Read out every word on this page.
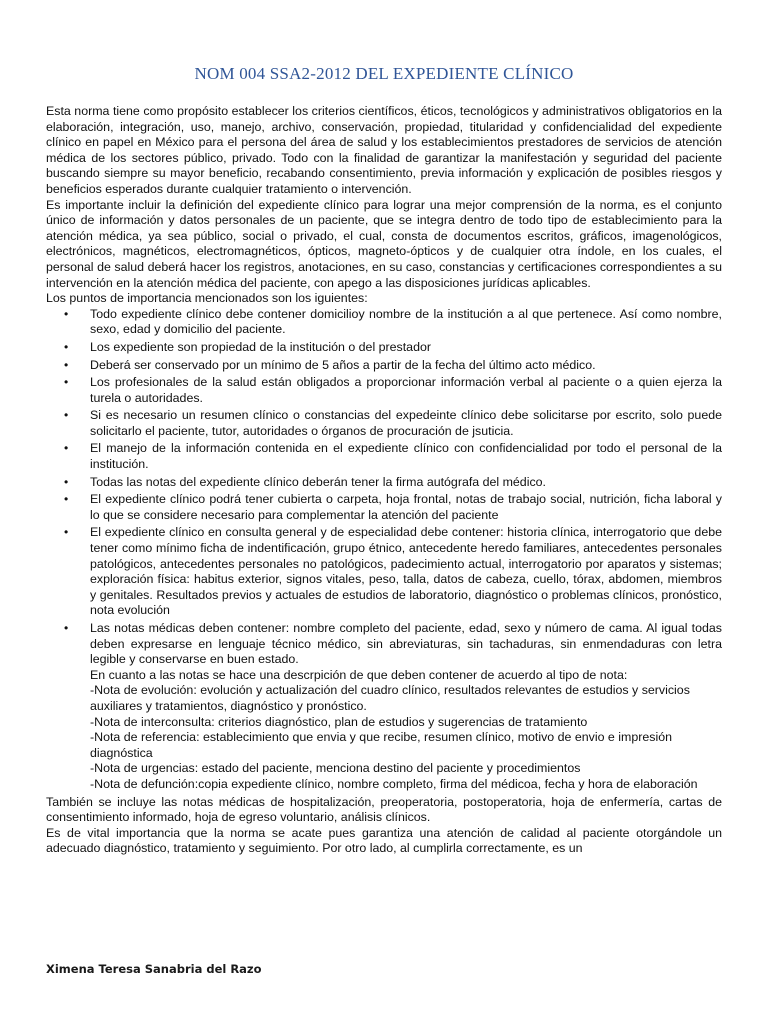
NOM 004 SSA2-2012 DEL EXPEDIENTE CLÍNICO

Esta norma tiene como propósito establecer los criterios científicos, éticos, tecnológicos y administrativos obligatorios en la elaboración, integración, uso, manejo, archivo, conservación, propiedad, titularidad y confidencialidad del expediente clínico en papel en México para el persona del área de salud y los establecimientos prestadores de servicios de atención médica de los sectores público, privado. Todo con la finalidad de garantizar la manifestación y seguridad del paciente buscando siempre su mayor beneficio, recabando consentimiento, previa información y explicación de posibles riesgos y beneficios esperados durante cualquier tratamiento o intervención.

Es importante incluir la definición del expediente clínico para lograr una mejor comprensión de la norma, es el conjunto único de información y datos personales de un paciente, que se integra dentro de todo tipo de establecimiento para la atención médica, ya sea público, social o privado, el cual, consta de documentos escritos, gráficos, imagenológicos, electrónicos, magnéticos, electromagnéticos, ópticos, magneto-ópticos y de cualquier otra índole, en los cuales, el personal de salud deberá hacer los registros, anotaciones, en su caso, constancias y certificaciones correspondientes a su intervención en la atención médica del paciente, con apego a las disposiciones jurídicas aplicables.

Los puntos de importancia mencionados son los iguientes:

• Todo expediente clínico debe contener domicilioy nombre de la institución a al que pertenece. Así como nombre, sexo, edad y domicilio del paciente.

• Los expediente son propiedad de la institución o del prestador

• Deberá ser conservado por un mínimo de 5 años a partir de la fecha del último acto médico.

• Los profesionales de la salud están obligados a proporcionar información verbal al paciente o a quien ejerza la turela o autoridades.

• Si es necesario un resumen clínico o constancias del expedeinte clínico debe solicitarse por escrito, solo puede solicitarlo el paciente, tutor, autoridades o órganos de procuración de jsuticia.

• El manejo de la información contenida en el expediente clínico con confidencialidad por todo el personal de la institución.

• Todas las notas del expediente clínico deberán tener la firma autógrafa del médico.

• El expediente clínico podrá tener cubierta o carpeta, hoja frontal, notas de trabajo social, nutrición, ficha laboral y lo que se considere necesario para complementar la atención del paciente

• El expediente clínico en consulta general y de especialidad debe contener: historia clínica, interrogatorio que debe tener como mínimo ficha de indentificación, grupo étnico, antecedente heredo familiares, antecedentes personales patológicos, antecedentes personales no patológicos, padecimiento actual, interrogatorio por aparatos y sistemas; exploración física: habitus exterior, signos vitales, peso, talla, datos de cabeza, cuello, tórax, abdomen, miembros y genitales. Resultados previos y actuales de estudios de laboratorio, diagnóstico o problemas clínicos, pronóstico, nota evolución

• Las notas médicas deben contener: nombre completo del paciente, edad, sexo y número de cama. Al igual todas deben expresarse en lenguaje técnico médico, sin abreviaturas, sin tachaduras, sin enmendaduras con letra legible y conservarse en buen estado.

En cuanto a las notas se hace una descrpición de que deben contener de acuerdo al tipo de nota:
-Nota de evolución: evolución y actualización del cuadro clínico, resultados relevantes de estudios y servicios auxiliares y tratamientos, diagnóstico y pronóstico.
-Nota de interconsulta: criterios diagnóstico, plan de estudios y sugerencias de tratamiento
-Nota de referencia: establecimiento que envia y que recibe, resumen clínico, motivo de envio e impresión diagnóstica
-Nota de urgencias: estado del paciente, menciona destino del paciente y procedimientos
-Nota de defunción:copia expediente clínico, nombre completo, firma del médicoa, fecha y hora de elaboración

También se incluye las notas médicas de hospitalización, preoperatoria, postoperatoria, hoja de enfermería, cartas de consentimiento informado, hoja de egreso voluntario, análisis clínicos.

Es de vital importancia que la norma se acate pues garantiza una atención de calidad al paciente otorgándole un adecuado diagnóstico, tratamiento y seguimiento. Por otro lado, al cumplirla correctamente, es un

Ximena Teresa Sanabria del Razo
